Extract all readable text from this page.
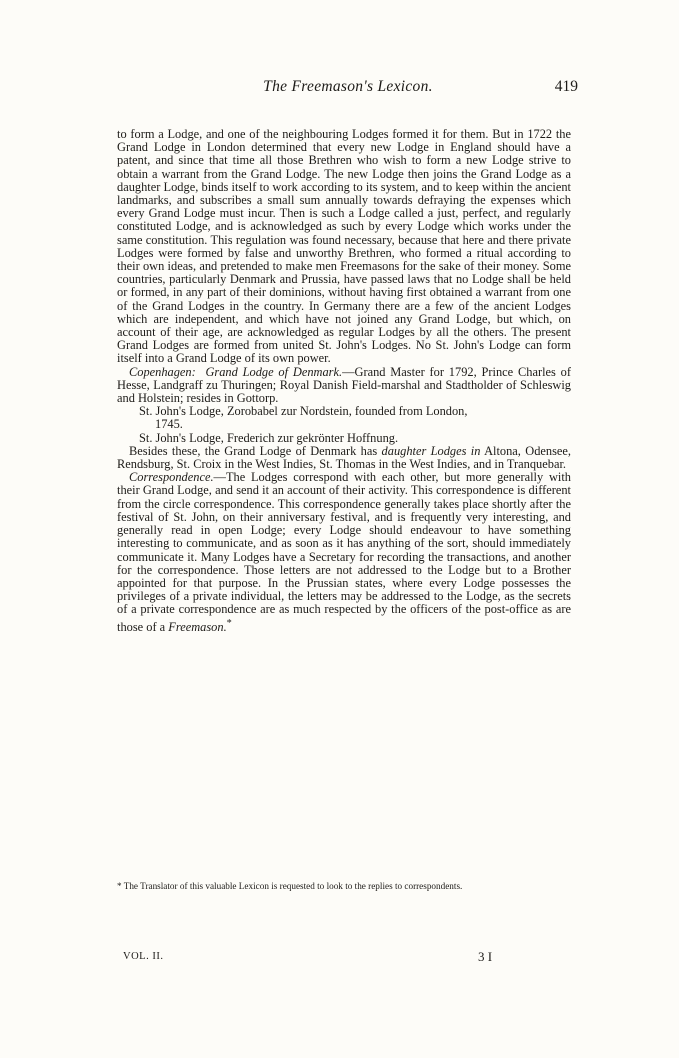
The Freemason's Lexicon.	419

to form a Lodge, and one of the neighbouring Lodges formed it for them. But in 1722 the Grand Lodge in London determined that every new Lodge in England should have a patent, and since that time all those Brethren who wish to form a new Lodge strive to obtain a warrant from the Grand Lodge. The new Lodge then joins the Grand Lodge as a daughter Lodge, binds itself to work according to its system, and to keep within the ancient landmarks, and subscribes a small sum annually towards defraying the expenses which every Grand Lodge must incur. Then is such a Lodge called a just, perfect, and regularly constituted Lodge, and is acknowledged as such by every Lodge which works under the same constitution. This regulation was found necessary, because that here and there private Lodges were formed by false and unworthy Brethren, who formed a ritual according to their own ideas, and pretended to make men Freemasons for the sake of their money. Some countries, particularly Denmark and Prussia, have passed laws that no Lodge shall be held or formed, in any part of their dominions, without having first obtained a warrant from one of the Grand Lodges in the country. In Germany there are a few of the ancient Lodges which are independent, and which have not joined any Grand Lodge, but which, on account of their age, are acknowledged as regular Lodges by all the others. The present Grand Lodges are formed from united St. John's Lodges. No St. John's Lodge can form itself into a Grand Lodge of its own power.

Copenhagen: Grand Lodge of Denmark.—Grand Master for 1792, Prince Charles of Hesse, Landgraff zu Thuringen; Royal Danish Field-marshal and Stadtholder of Schleswig and Holstein; resides in Gottorp.

St. John's Lodge, Zorobabel zur Nordstein, founded from London,

1745.

St. John's Lodge, Frederich zur gekrönter Hoffnung.

Besides these, the Grand Lodge of Denmark has daughter Lodges in Altona, Odensee, Rendsburg, St. Croix in the West Indies, St. Thomas in the West Indies, and in Tranquebar.

Correspondence.—The Lodges correspond with each other, but more generally with their Grand Lodge, and send it an account of their activity. This correspondence is different from the circle correspondence. This correspondence generally takes place shortly after the festival of St. John, on their anniversary festival, and is frequently very interesting, and generally read in open Lodge; every Lodge should endeavour to have something interesting to communicate, and as soon as it has anything of the sort, should immediately communicate it. Many Lodges have a Secretary for recording the transactions, and another for the correspondence. Those letters are not addressed to the Lodge but to a Brother appointed for that purpose. In the Prussian states, where every Lodge possesses the privileges of a private individual, the letters may be addressed to the Lodge, as the secrets of a private correspondence are as much respected by the officers of the post-office as are those of a Freemason.*

* The Translator of this valuable Lexicon is requested to look to the replies to correspondents.
VOL. II.	3 I
